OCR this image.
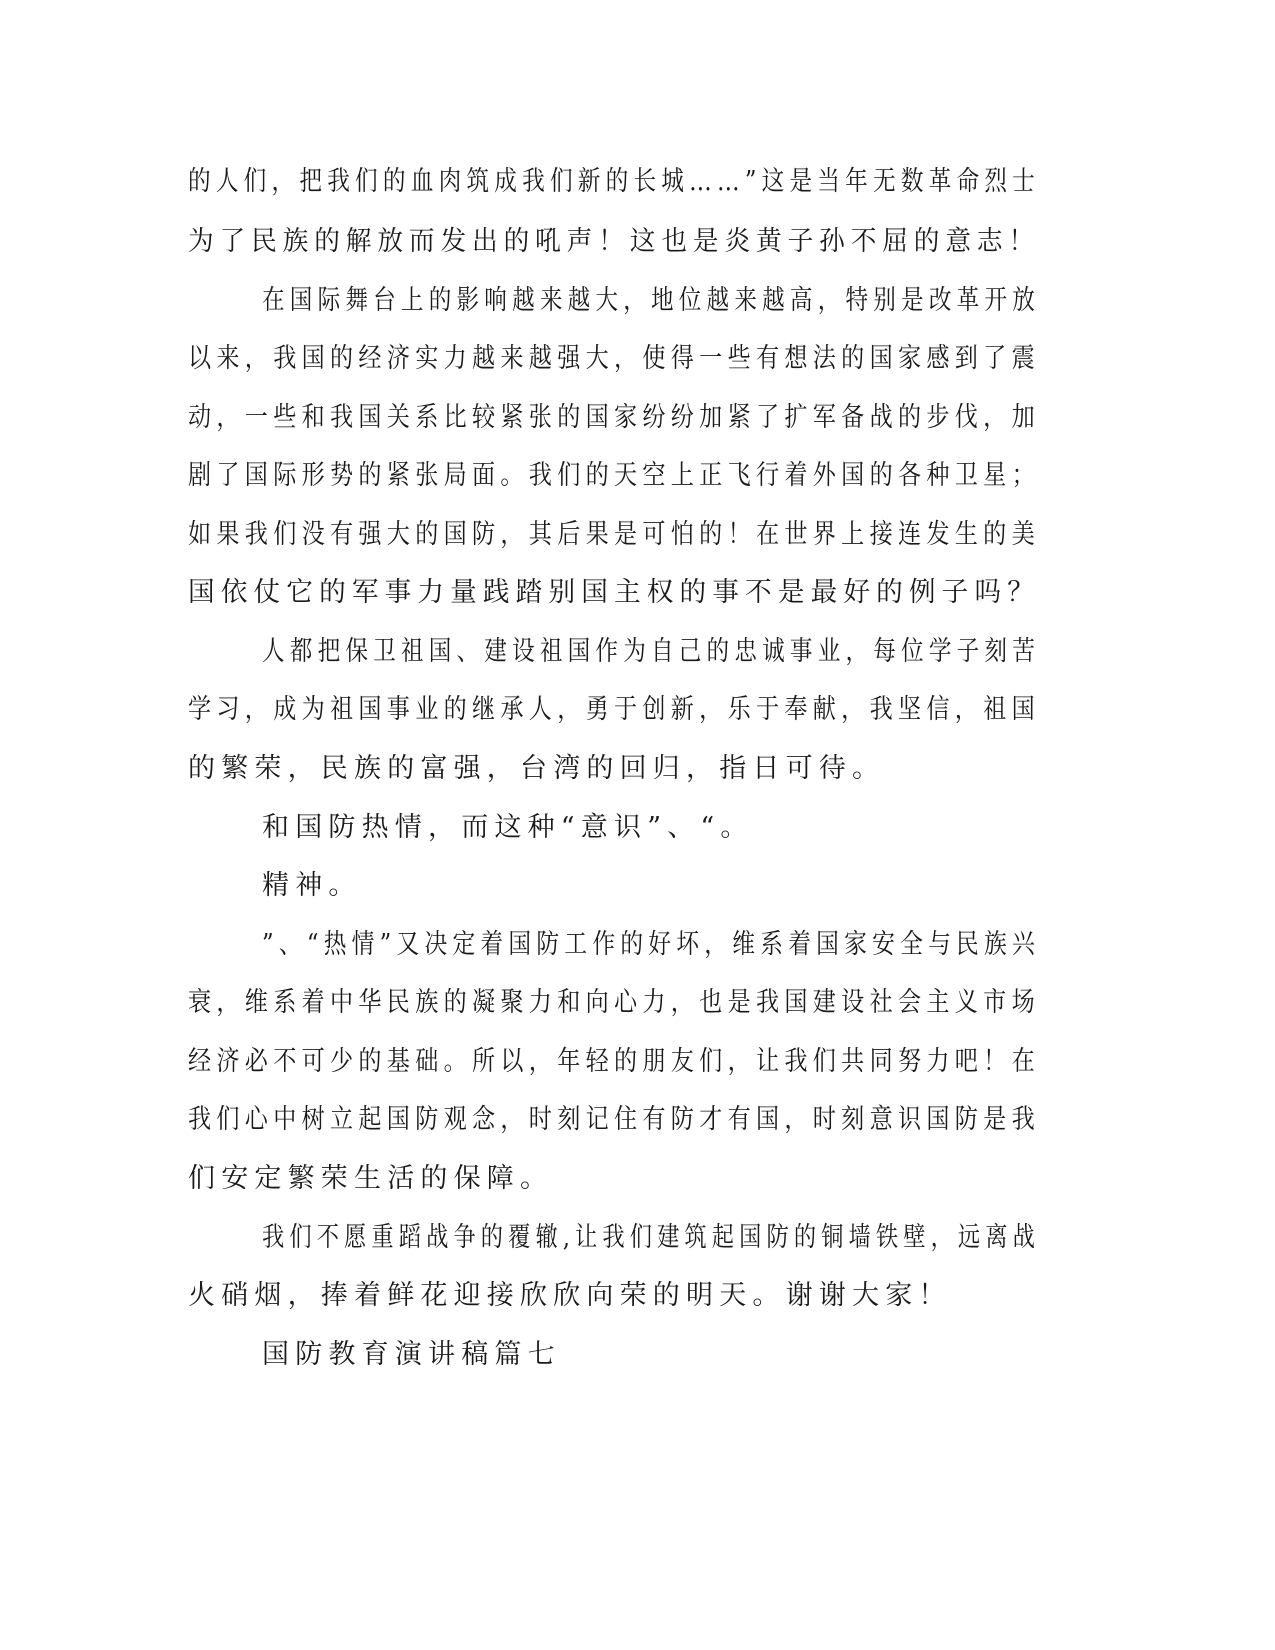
的人们，把我们的血肉筑成我们新的长城……”这是当年无数革命烈士
为了民族的解放而发出的吼声！这也是炎黄子孙不屈的意志！
在国际舞台上的影响越来越大，地位越来越高，特别是改革开放
以来，我国的经济实力越来越强大，使得一些有想法的国家感到了震
动，一些和我国关系比较紧张的国家纷纷加紧了扩军备战的步伐，加
剧了国际形势的紧张局面。我们的天空上正飞行着外国的各种卫星；
如果我们没有强大的国防，其后果是可怕的！在世界上接连发生的美
国依仗它的军事力量践踏别国主权的事不是最好的例子吗？
人都把保卫祖国、建设祖国作为自己的忠诚事业，每位学子刻苦
学习，成为祖国事业的继承人，勇于创新，乐于奉献，我坚信，祖国
的繁荣，民族的富强，台湾的回归，指日可待。
和国防热情，而这种“意识”、“。
精神。
”、“热情”又决定着国防工作的好坏，维系着国家安全与民族兴
衰，维系着中华民族的凝聚力和向心力，也是我国建设社会主义市场
经济必不可少的基础。所以，年轻的朋友们，让我们共同努力吧！在
我们心中树立起国防观念，时刻记住有防才有国，时刻意识国防是我
们安定繁荣生活的保障。
我们不愿重蹈战争的覆辙,让我们建筑起国防的铜墙铁壁，远离战
火硝烟，捧着鲜花迎接欣欣向荣的明天。谢谢大家！
国防教育演讲稿篇七
